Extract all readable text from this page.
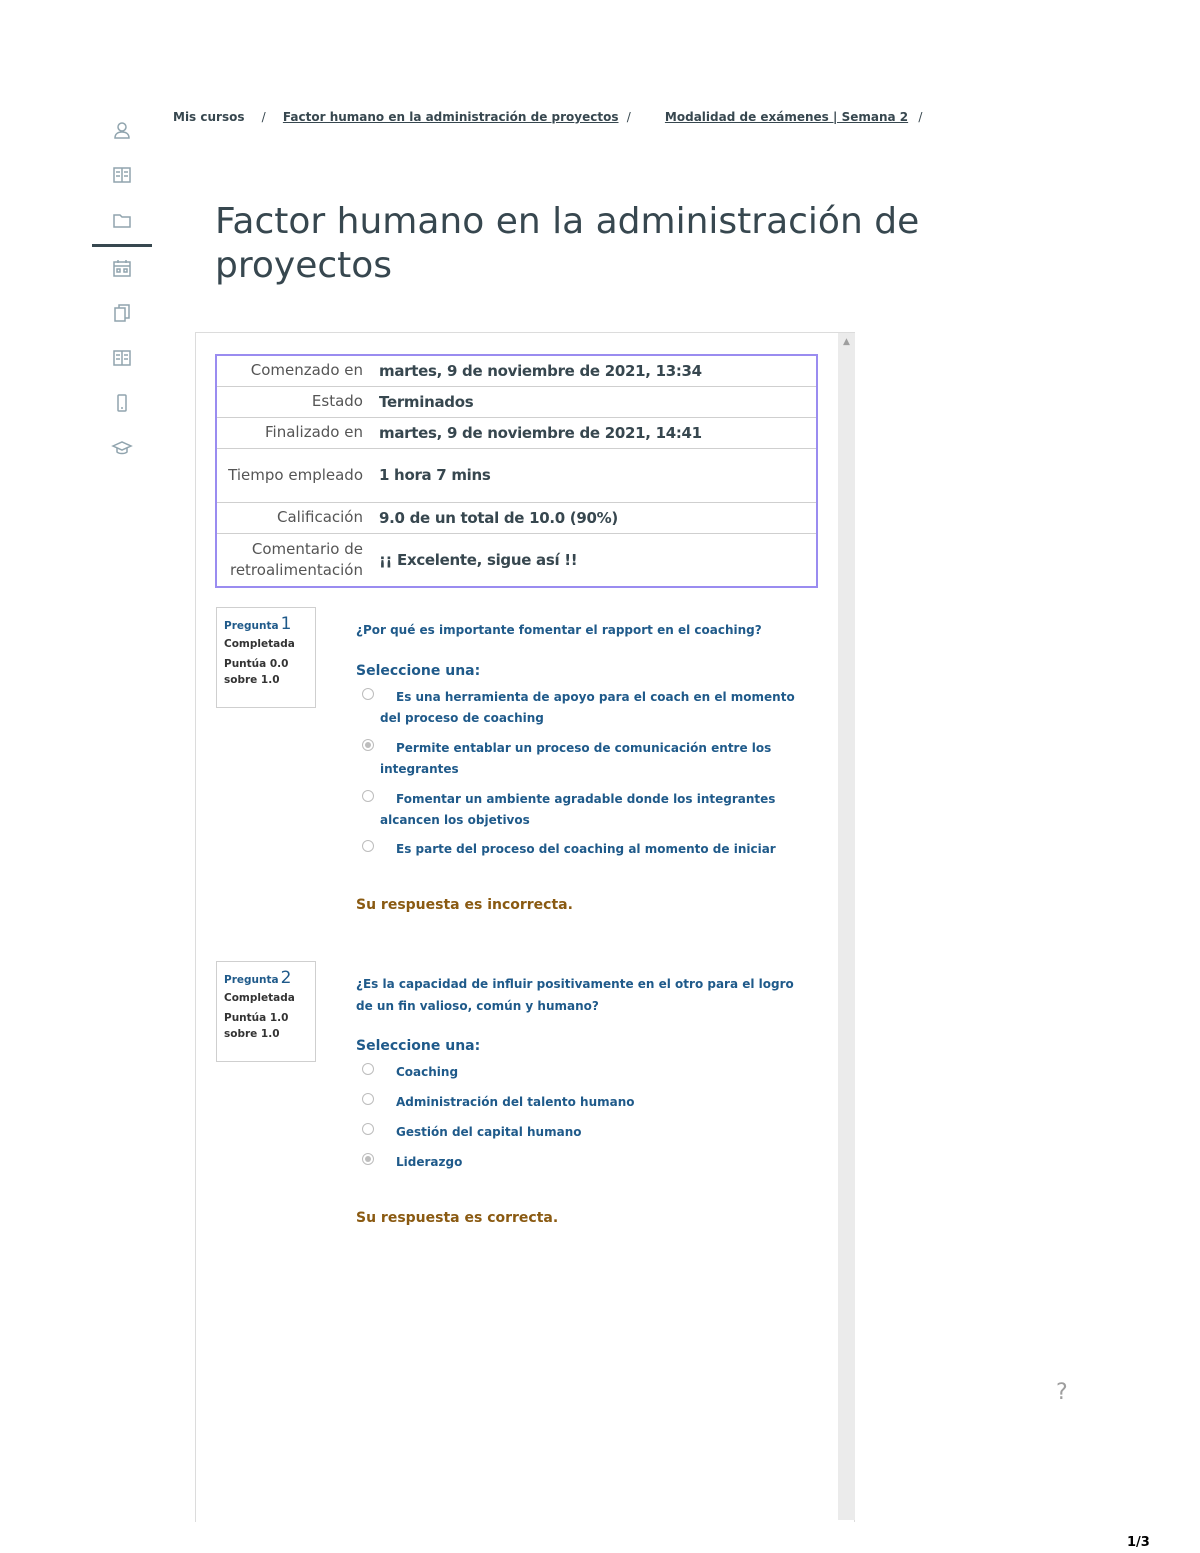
Mis cursos / Factor humano en la administración de proyectos /	Modalidad de exámenes | Semana 2 /
Factor humano en la administración de proyectos
▲
Comenzado en	martes, 9 de noviembre de 2021, 13:34
Estado	Terminados
Finalizado en	martes, 9 de noviembre de 2021, 14:41
Tiempo empleado	1 hora 7 mins
Calificación	9.0 de un total de 10.0 (90%)
Comentario de retroalimentación	¡¡ Excelente, sigue así !!
Pregunta 1
Completada
Puntúa 0.0 sobre 1.0
¿Por qué es importante fomentar el rapport en el coaching?
Seleccione una:
Es una herramienta de apoyo para el coach en el momento del proceso de coaching
Permite entablar un proceso de comunicación entre los integrantes
Fomentar un ambiente agradable donde los integrantes alcancen los objetivos
Es parte del proceso del coaching al momento de iniciar
Su respuesta es incorrecta.
Pregunta 2
Completada
Puntúa 1.0 sobre 1.0
¿Es la capacidad de influir positivamente en el otro para el logro de un fin valioso, común y humano?
Seleccione una:
Coaching
Administración del talento humano
Gestión del capital humano
Liderazgo
Su respuesta es correcta.
?
1/3
